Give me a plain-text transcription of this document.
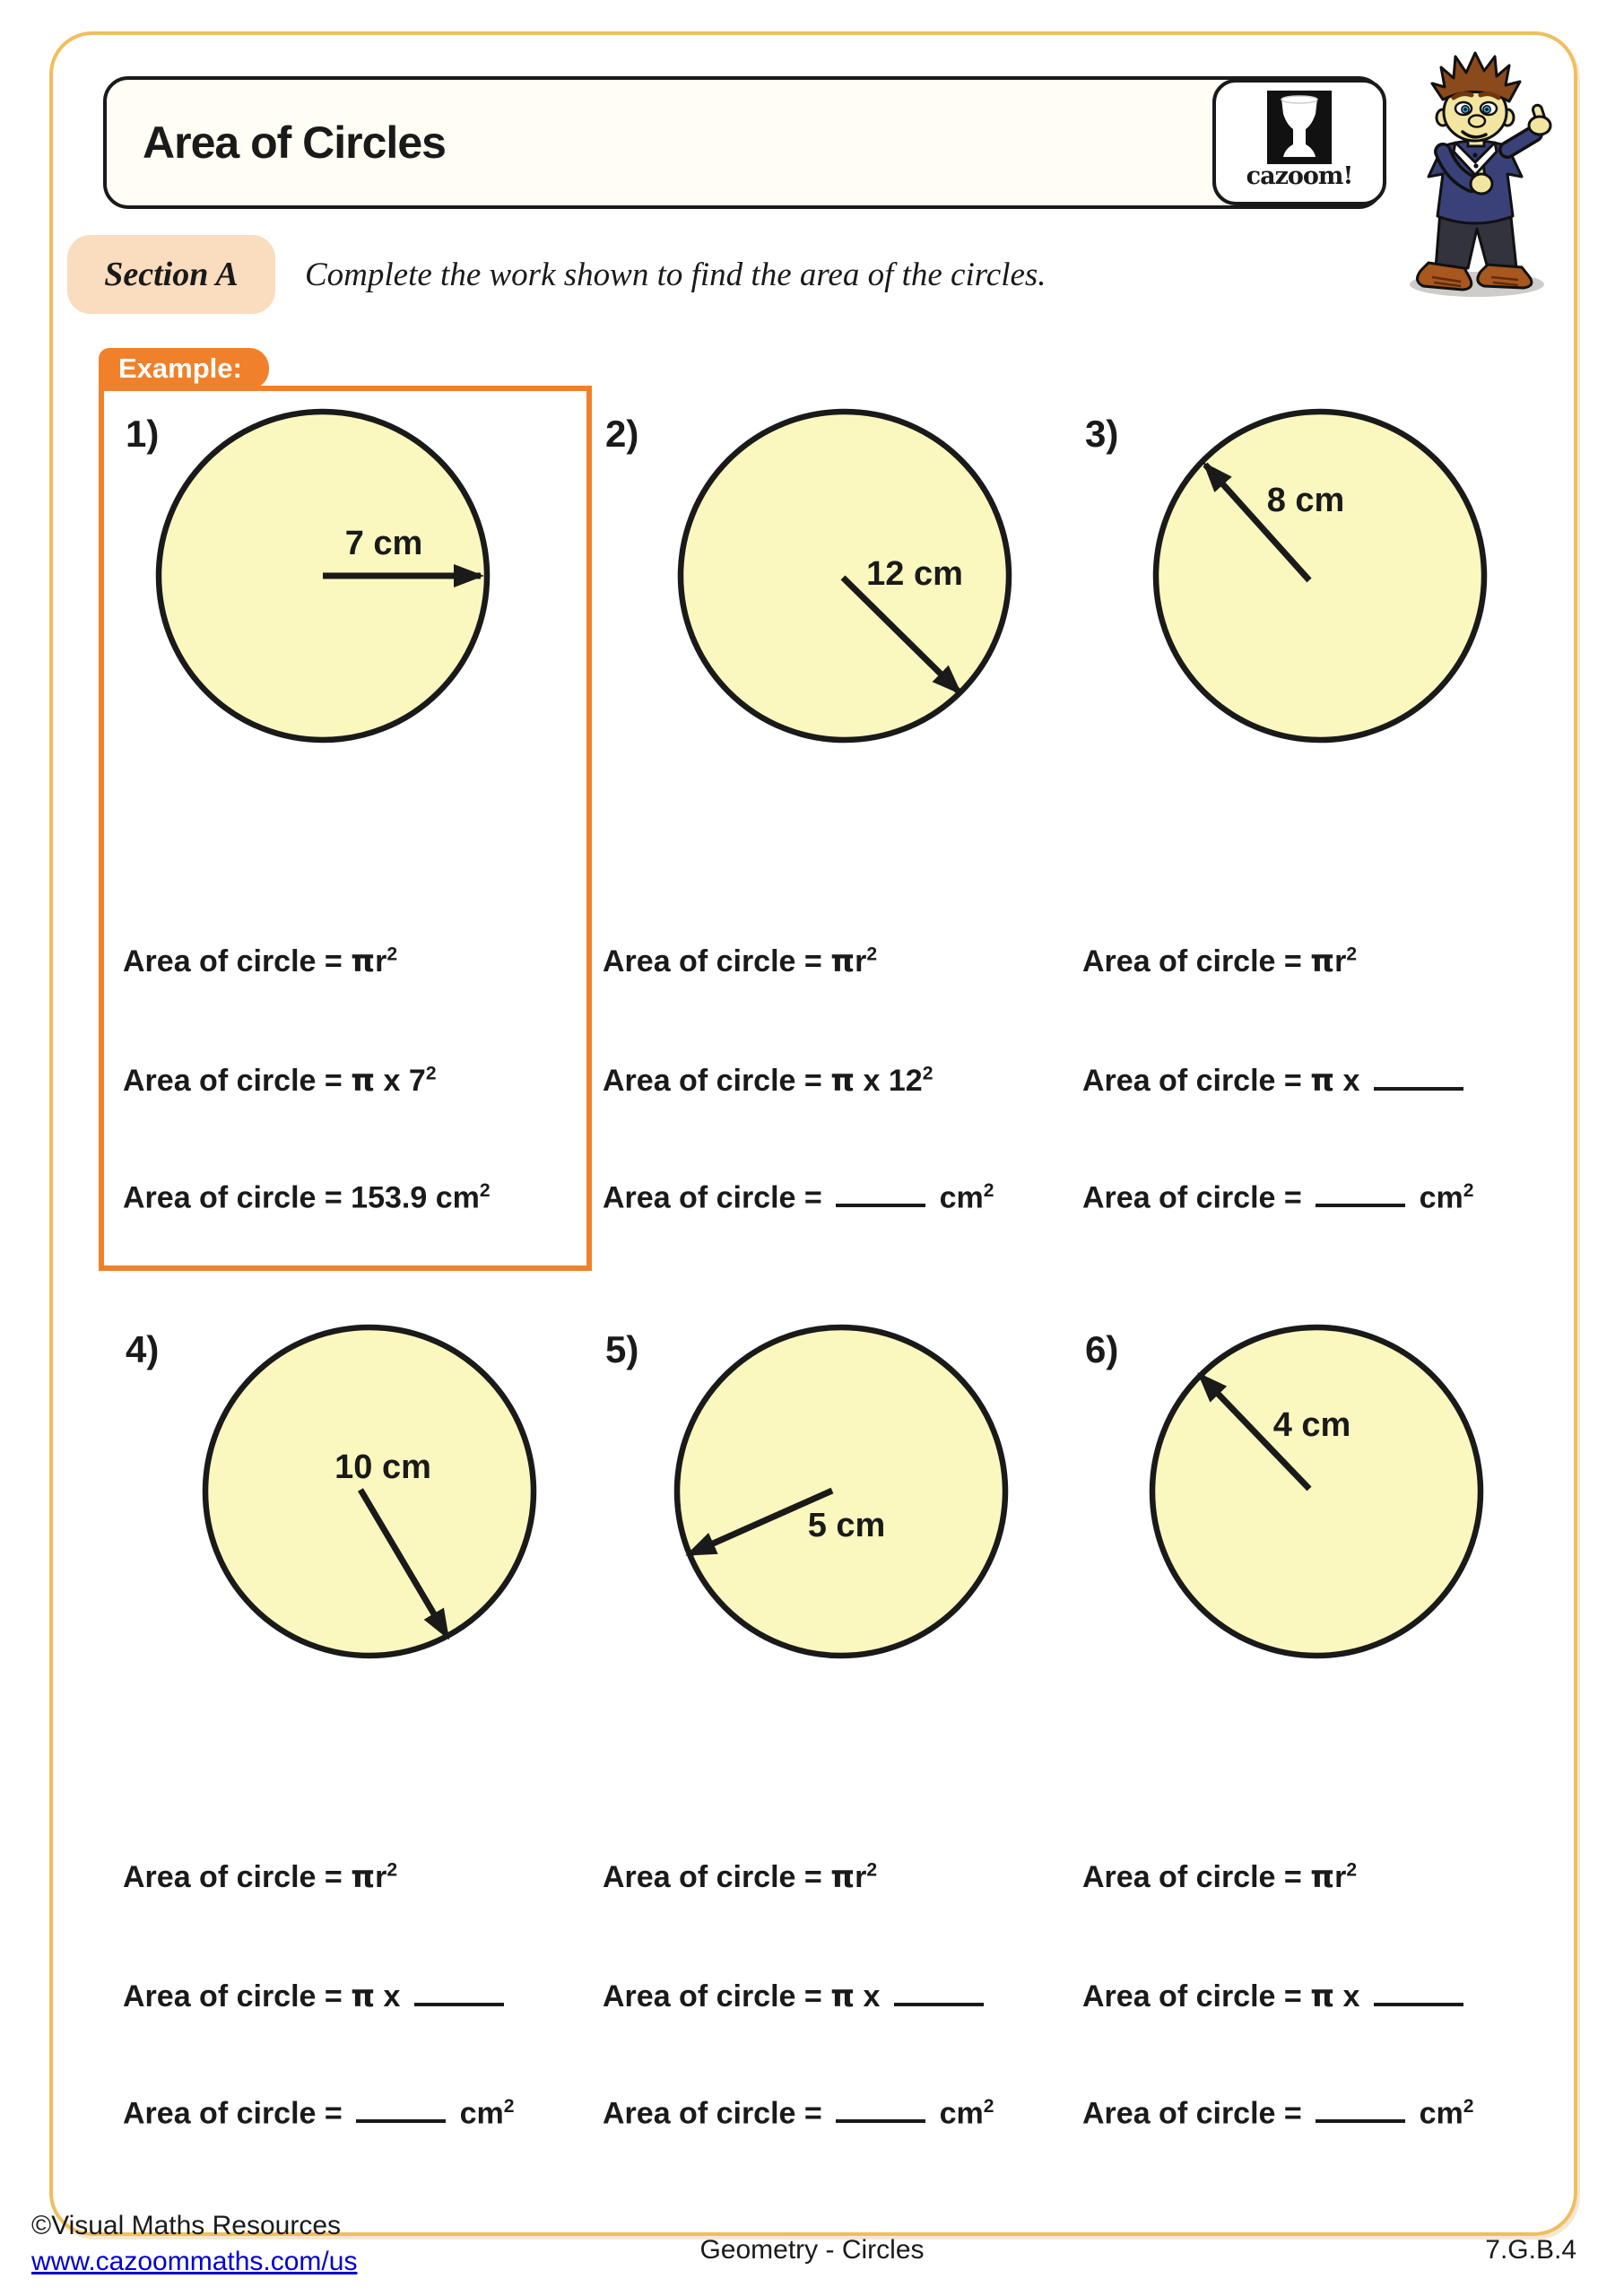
Area of Circles
cazoom!
Section A Complete the work shown to find the area of the circles.
Example:
1)
7 cm
Area of circle = $\pi r^2$
Area of circle = π x $7^2$
Area of circle = 153.9 $cm^2$
2)
12 cm
Area of circle = $\pi r^2$
Area of circle = π x $12^2$
Area of circle =	$cm^2$
3)
8 cm
Area of circle = $\pi r^2$
Area of circle = π x
Area of circle =	$cm^2$
4)
10 cm
Area of circle = $\pi r^2$
Area of circle = π x
Area of circle =	$cm^2$
5)
5 cm
Area of circle = $\pi r^2$
Area of circle = π x
Area of circle =	$cm^2$
6)
4 cm
Area of circle = $\pi r^2$
Area of circle = π x
Area of circle =	$cm^2$
©Visual Maths Resources
www.cazoommaths.com/us	Geometry - Circles	7.G.B.4
